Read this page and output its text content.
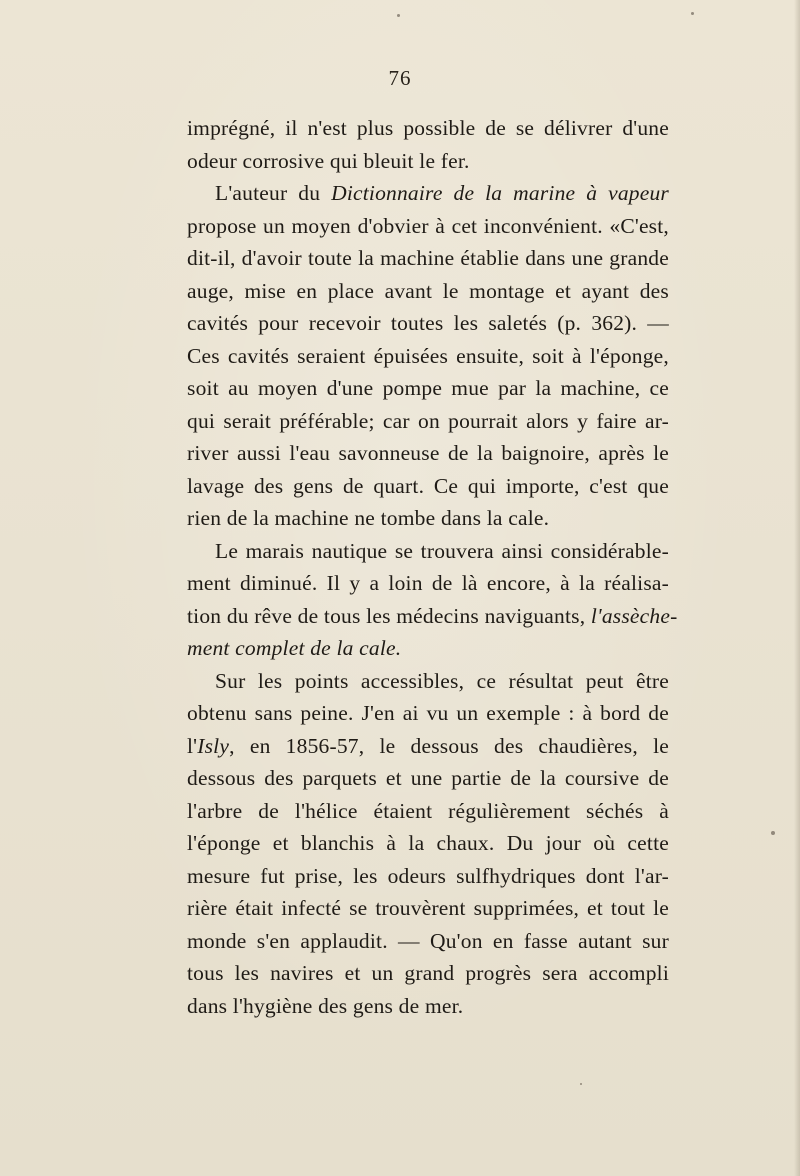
76
imprégné, il n'est plus possible de se délivrer d'une
odeur corrosive qui bleuit le fer.
L'auteur du Dictionnaire de la marine à vapeur
propose un moyen d'obvier à cet inconvénient. «C'est,
dit-il, d'avoir toute la machine établie dans une grande
auge, mise en place avant le montage et ayant des
cavités pour recevoir toutes les saletés (p. 362). —
Ces cavités seraient épuisées ensuite, soit à l'éponge,
soit au moyen d'une pompe mue par la machine, ce
qui serait préférable; car on pourrait alors y faire ar-
river aussi l'eau savonneuse de la baignoire, après le
lavage des gens de quart. Ce qui importe, c'est que
rien de la machine ne tombe dans la cale.
Le marais nautique se trouvera ainsi considérable-
ment diminué. Il y a loin de là encore, à la réalisa-
tion du rêve de tous les médecins naviguants, l'assèche-
ment complet de la cale.
Sur les points accessibles, ce résultat peut être
obtenu sans peine. J'en ai vu un exemple : à bord de
l'Isly, en 1856-57, le dessous des chaudières, le
dessous des parquets et une partie de la coursive de
l'arbre de l'hélice étaient régulièrement séchés à
l'éponge et blanchis à la chaux. Du jour où cette
mesure fut prise, les odeurs sulfhydriques dont l'ar-
rière était infecté se trouvèrent supprimées, et tout le
monde s'en applaudit. — Qu'on en fasse autant sur
tous les navires et un grand progrès sera accompli
dans l'hygiène des gens de mer.
